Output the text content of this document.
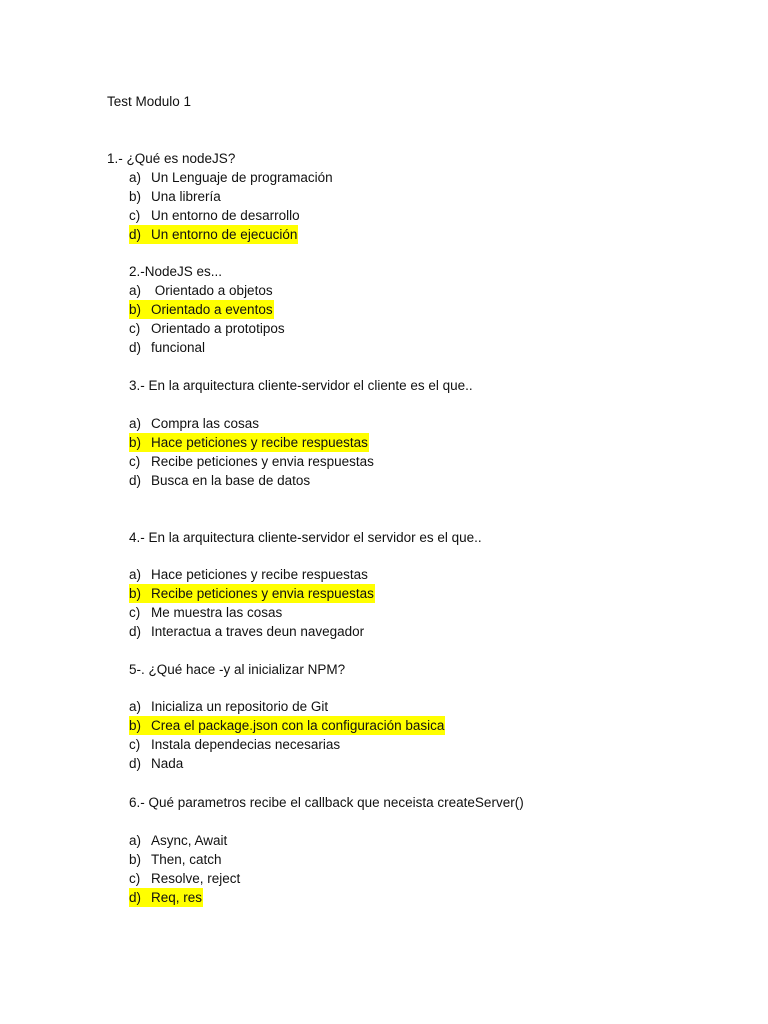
Test Modulo 1
1.- ¿Qué es nodeJS?
a) Un Lenguaje de programación
b) Una librería
c) Un entorno de desarrollo
d) Un entorno de ejecución
2.-NodeJS es...
a) Orientado a objetos
b) Orientado a eventos
c) Orientado a prototipos
d) funcional
3.- En la arquitectura cliente-servidor el cliente es el que..
a) Compra las cosas
b) Hace peticiones y recibe respuestas
c) Recibe peticiones y envia respuestas
d) Busca en la base de datos
4.- En la arquitectura cliente-servidor el servidor es el que..
a) Hace peticiones y recibe respuestas
b) Recibe peticiones y envia respuestas
c) Me muestra las cosas
d) Interactua a traves deun navegador
5-. ¿Qué hace -y al inicializar NPM?
a) Inicializa un repositorio de Git
b) Crea el package.json con la configuración basica
c) Instala dependecias necesarias
d) Nada
6.- Qué parametros recibe el callback que neceista createServer()
a) Async, Await
b) Then, catch
c) Resolve, reject
d) Req, res
